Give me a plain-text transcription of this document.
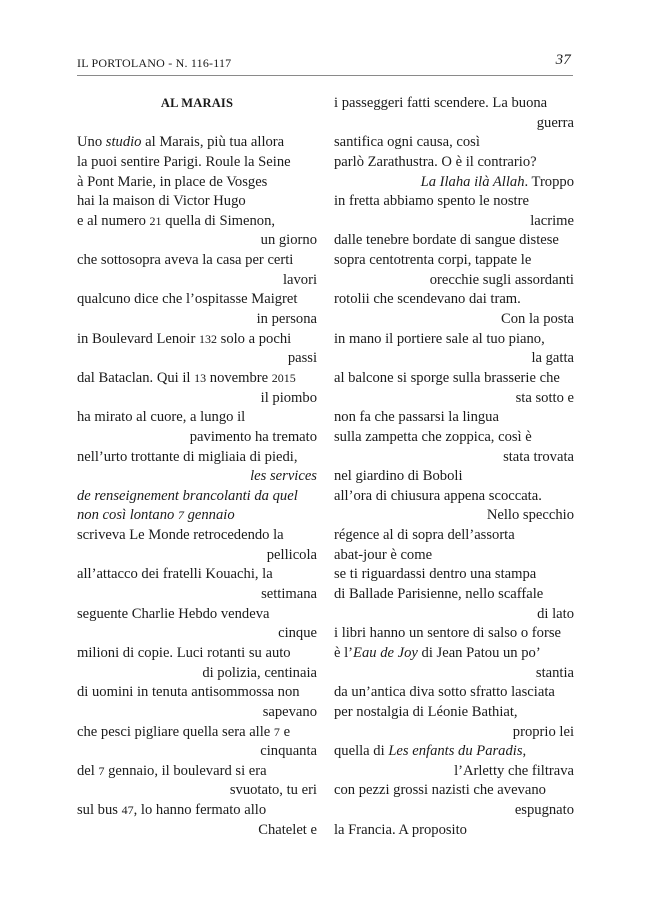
IL PORTOLANO - N. 116-117	37
AL MARAIS
Uno studio al Marais, più tua allora
la puoi sentire Parigi. Roule la Seine
à Pont Marie, in place de Vosges
hai la maison di Victor Hugo
e al numero 21 quella di Simenon,
un giorno
che sottosopra aveva la casa per certi
lavori
qualcuno dice che l’ospitasse Maigret
in persona
in Boulevard Lenoir 132 solo a pochi
passi
dal Bataclan. Qui il 13 novembre 2015
il piombo
ha mirato al cuore, a lungo il
pavimento ha tremato
nell’urto trottante di migliaia di piedi,
les services
de renseignement brancolanti da quel
non così lontano 7 gennaio
scriveva Le Monde retrocedendo la
pellicola
all’attacco dei fratelli Kouachi, la
settimana
seguente Charlie Hebdo vendeva
cinque
milioni di copie. Luci rotanti su auto
di polizia, centinaia
di uomini in tenuta antisommossa non
sapevano
che pesci pigliare quella sera alle 7 e
cinquanta
del 7 gennaio, il boulevard si era
svuotato, tu eri
sul bus 47, lo hanno fermato allo
Chatelet e
i passeggeri fatti scendere. La buona
guerra
santifica ogni causa, così
parlò Zarathustra. O è il contrario?
La Ilaha ilà Allah. Troppo
in fretta abbiamo spento le nostre
lacrime
dalle tenebre bordate di sangue distese
sopra centotrenta corpi, tappate le
orecchie sugli assordanti
rotolii che scendevano dai tram.
Con la posta
in mano il portiere sale al tuo piano,
la gatta
al balcone si sporge sulla brasserie che
sta sotto e
non fa che passarsi la lingua
sulla zampetta che zoppica, così è
stata trovata
nel giardino di Boboli
all’ora di chiusura appena scoccata.
Nello specchio
régence al di sopra dell’assorta
abat-jour è come
se ti riguardassi dentro una stampa
di Ballade Parisienne, nello scaffale
di lato
i libri hanno un sentore di salso o forse
è l’Eau de Joy di Jean Patou un po’
stantia
da un’antica diva sotto sfratto lasciata
per nostalgia di Léonie Bathiat,
proprio lei
quella di Les enfants du Paradis,
l’Arletty che filtrava
con pezzi grossi nazisti che avevano
espugnato
la Francia. A proposito
